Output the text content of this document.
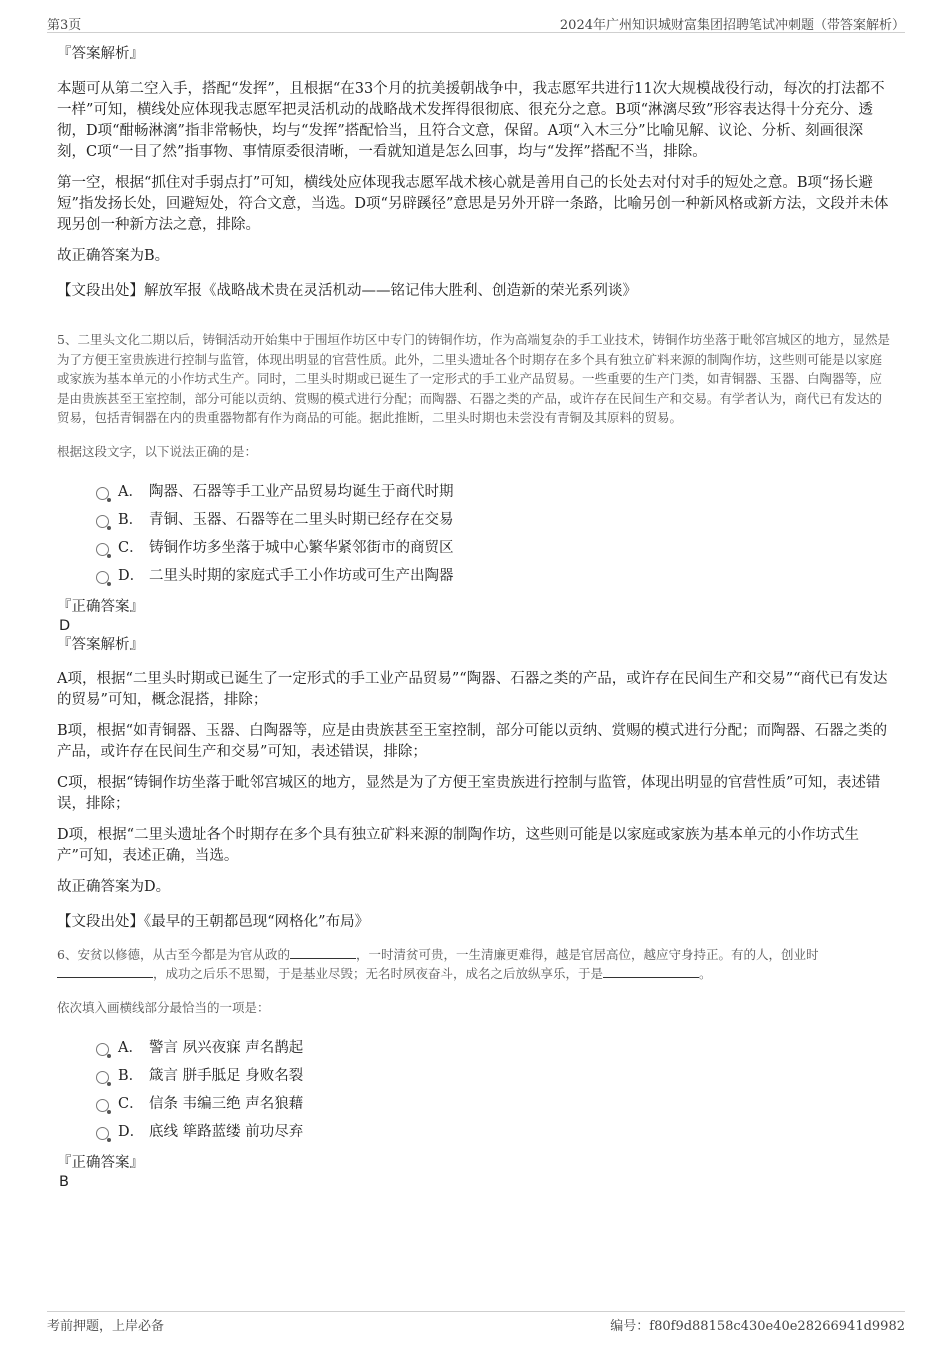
第3页	2024年广州知识城财富集团招聘笔试冲刺题（带答案解析）

『答案解析』

本题可从第二空入手，搭配“发挥”，且根据“在33个月的抗美援朝战争中，我志愿军共进行11次大规模战役行动，每次的打法都不一样”可知，横线处应体现我志愿军把灵活机动的战略战术发挥得很彻底、很充分之意。B项“淋漓尽致”形容表达得十分充分、透彻，D项“酣畅淋漓”指非常畅快，均与“发挥”搭配恰当，且符合文意，保留。A项“入木三分”比喻见解、议论、分析、刻画很深刻，C项“一目了然”指事物、事情原委很清晰，一看就知道是怎么回事，均与“发挥”搭配不当，排除。

第一空，根据“抓住对手弱点打”可知，横线处应体现我志愿军战术核心就是善用自己的长处去对付对手的短处之意。B项“扬长避短”指发扬长处，回避短处，符合文意，当选。D项“另辟蹊径”意思是另外开辟一条路，比喻另创一种新风格或新方法，文段并未体现另创一种新方法之意，排除。

故正确答案为B。

【文段出处】解放军报《战略战术贵在灵活机动——铭记伟大胜利、创造新的荣光系列谈》

5、二里头文化二期以后，铸铜活动开始集中于围垣作坊区中专门的铸铜作坊，作为高端复杂的手工业技术，铸铜作坊坐落于毗邻宫城区的地方，显然是为了方便王室贵族进行控制与监管，体现出明显的官营性质。此外，二里头遗址各个时期存在多个具有独立矿料来源的制陶作坊，这些则可能是以家庭或家族为基本单元的小作坊式生产。同时，二里头时期或已诞生了一定形式的手工业产品贸易。一些重要的生产门类，如青铜器、玉器、白陶器等，应是由贵族甚至王室控制，部分可能以贡纳、赏赐的模式进行分配；而陶器、石器之类的产品，或许存在民间生产和交易。有学者认为，商代已有发达的贸易，包括青铜器在内的贵重器物都有作为商品的可能。据此推断，二里头时期也未尝没有青铜及其原料的贸易。

根据这段文字，以下说法正确的是：

A． 陶器、石器等手工业产品贸易均诞生于商代时期
B． 青铜、玉器、石器等在二里头时期已经存在交易
C． 铸铜作坊多坐落于城中心繁华紧邻街市的商贸区
D． 二里头时期的家庭式手工小作坊或可生产出陶器

『正确答案』

D

『答案解析』

A项，根据“二里头时期或已诞生了一定形式的手工业产品贸易”“陶器、石器之类的产品，或许存在民间生产和交易”“商代已有发达的贸易”可知，概念混搭，排除；

B项，根据“如青铜器、玉器、白陶器等，应是由贵族甚至王室控制，部分可能以贡纳、赏赐的模式进行分配；而陶器、石器之类的产品，或许存在民间生产和交易”可知，表述错误，排除；

C项，根据“铸铜作坊坐落于毗邻宫城区的地方，显然是为了方便王室贵族进行控制与监管，体现出明显的官营性质”可知，表述错误，排除；

D项，根据“二里头遗址各个时期存在多个具有独立矿料来源的制陶作坊，这些则可能是以家庭或家族为基本单元的小作坊式生产”可知，表述正确，当选。

故正确答案为D。

【文段出处】《最早的王朝都邑现“网格化”布局》

6、安贫以修德，从古至今都是为官从政的	，一时清贫可贵，一生清廉更难得，越是官居高位，越应守身持正。有的人，创业时，成功之后乐不思蜀，于是基业尽毁；无名时夙夜奋斗，成名之后放纵享乐，于是	。

依次填入画横线部分最恰当的一项是：

A． 警言 夙兴夜寐 声名鹊起
B． 箴言 胼手胝足 身败名裂
C． 信条 韦编三绝 声名狼藉
D． 底线 筚路蓝缕 前功尽弃

『正确答案』

B

考前押题，上岸必备	编号：f80f9d88158c430e40e28266941d9982
